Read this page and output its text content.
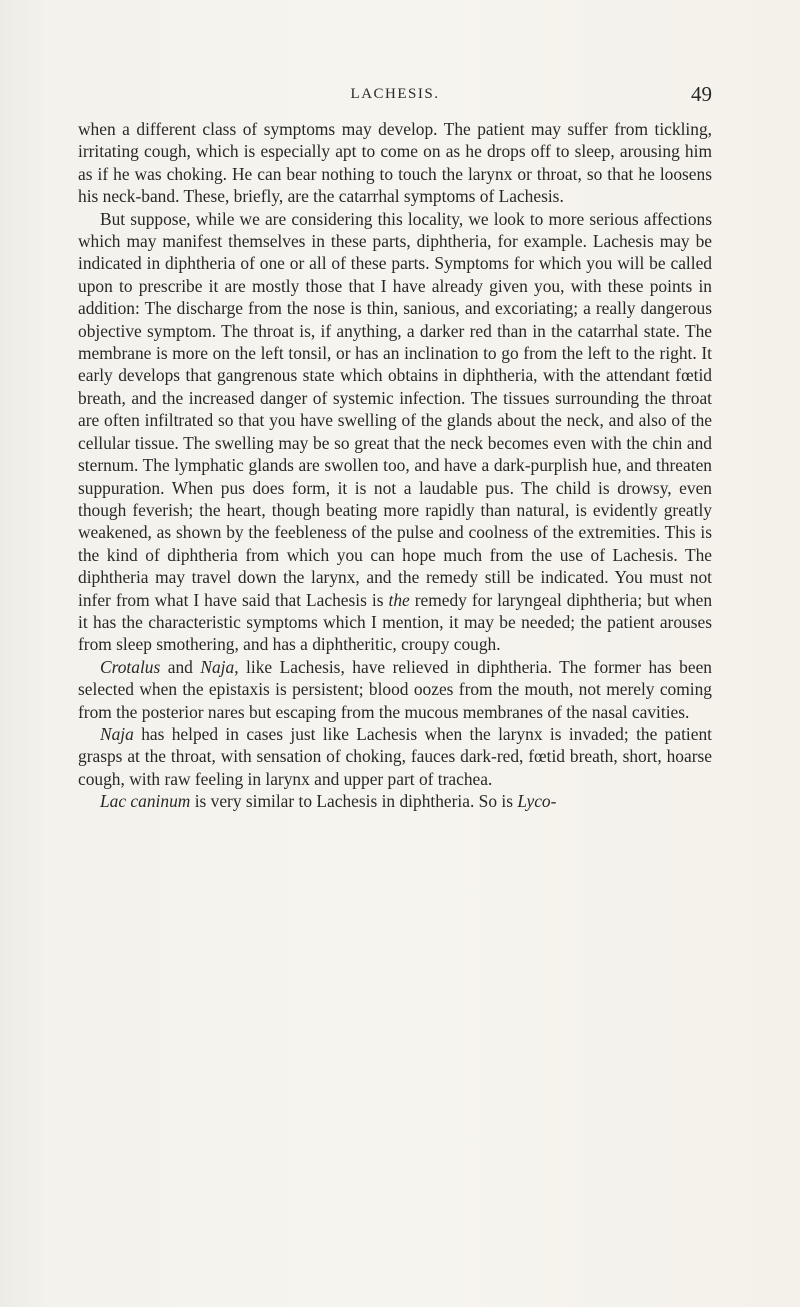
LACHESIS.	49

when a different class of symptoms may develop. The patient may suffer from tickling, irritating cough, which is especially apt to come on as he drops off to sleep, arousing him as if he was choking. He can bear nothing to touch the larynx or throat, so that he loosens his neck-band. These, briefly, are the catarrhal symptoms of Lachesis.

But suppose, while we are considering this locality, we look to more serious affections which may manifest themselves in these parts, diphtheria, for example. Lachesis may be indicated in diphtheria of one or all of these parts. Symptoms for which you will be called upon to prescribe it are mostly those that I have already given you, with these points in addition: The discharge from the nose is thin, sanious, and excoriating; a really dangerous objective symptom. The throat is, if anything, a darker red than in the catarrhal state. The membrane is more on the left tonsil, or has an inclination to go from the left to the right. It early develops that gangrenous state which obtains in diphtheria, with the attendant fœtid breath, and the increased danger of systemic infection. The tissues surrounding the throat are often infiltrated so that you have swelling of the glands about the neck, and also of the cellular tissue. The swelling may be so great that the neck becomes even with the chin and sternum. The lymphatic glands are swollen too, and have a dark-purplish hue, and threaten suppuration. When pus does form, it is not a laudable pus. The child is drowsy, even though feverish; the heart, though beating more rapidly than natural, is evidently greatly weakened, as shown by the feebleness of the pulse and coolness of the extremities. This is the kind of diphtheria from which you can hope much from the use of Lachesis. The diphtheria may travel down the larynx, and the remedy still be indicated. You must not infer from what I have said that Lachesis is the remedy for laryngeal diphtheria; but when it has the characteristic symptoms which I mention, it may be needed; the patient arouses from sleep smothering, and has a diphtheritic, croupy cough.

Crotalus and Naja, like Lachesis, have relieved in diphtheria. The former has been selected when the epistaxis is persistent; blood oozes from the mouth, not merely coming from the posterior nares but escaping from the mucous membranes of the nasal cavities.

Naja has helped in cases just like Lachesis when the larynx is invaded; the patient grasps at the throat, with sensation of choking, fauces dark-red, fœtid breath, short, hoarse cough, with raw feeling in larynx and upper part of trachea.

Lac caninum is very similar to Lachesis in diphtheria. So is Lyco-
